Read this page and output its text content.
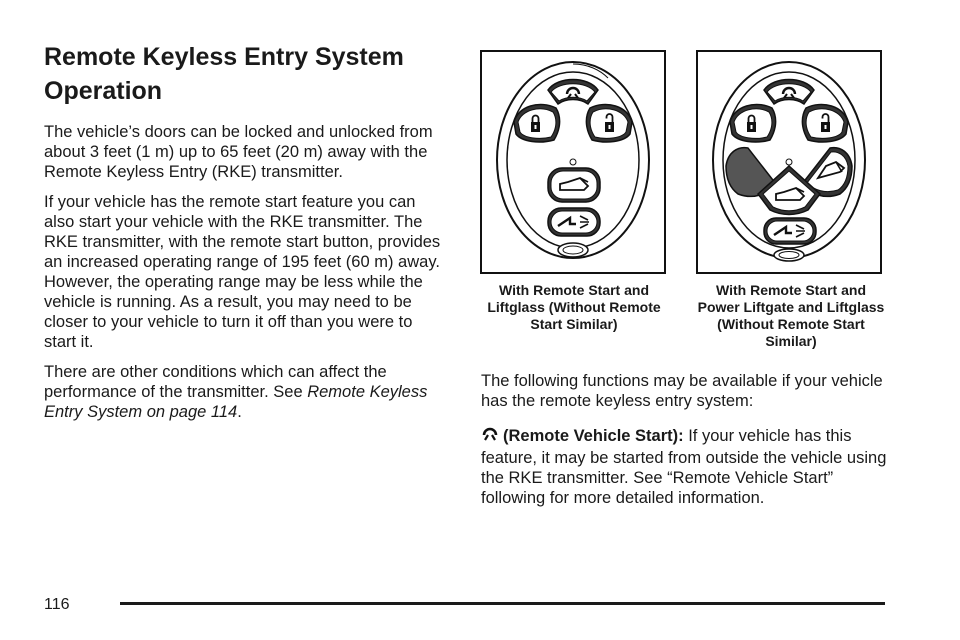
Remote Keyless Entry System Operation

The vehicle’s doors can be locked and unlocked from about 3 feet (1 m) up to 65 feet (20 m) away with the Remote Keyless Entry (RKE) transmitter.

If your vehicle has the remote start feature you can also start your vehicle with the RKE transmitter. The RKE transmitter, with the remote start button, provides an increased operating range of 195 feet (60 m) away. However, the operating range may be less while the vehicle is running. As a result, you may need to be closer to your vehicle to turn it off than you were to start it.

There are other conditions which can affect the performance of the transmitter. See Remote Keyless Entry System on page 114.

With Remote Start and Liftglass (Without Remote Start Similar)
With Remote Start and Power Liftgate and Liftglass (Without Remote Start Similar)

The following functions may be available if your vehicle has the remote keyless entry system:

(Remote Vehicle Start): If your vehicle has this feature, it may be started from outside the vehicle using the RKE transmitter. See “Remote Vehicle Start” following for more detailed information.

116
